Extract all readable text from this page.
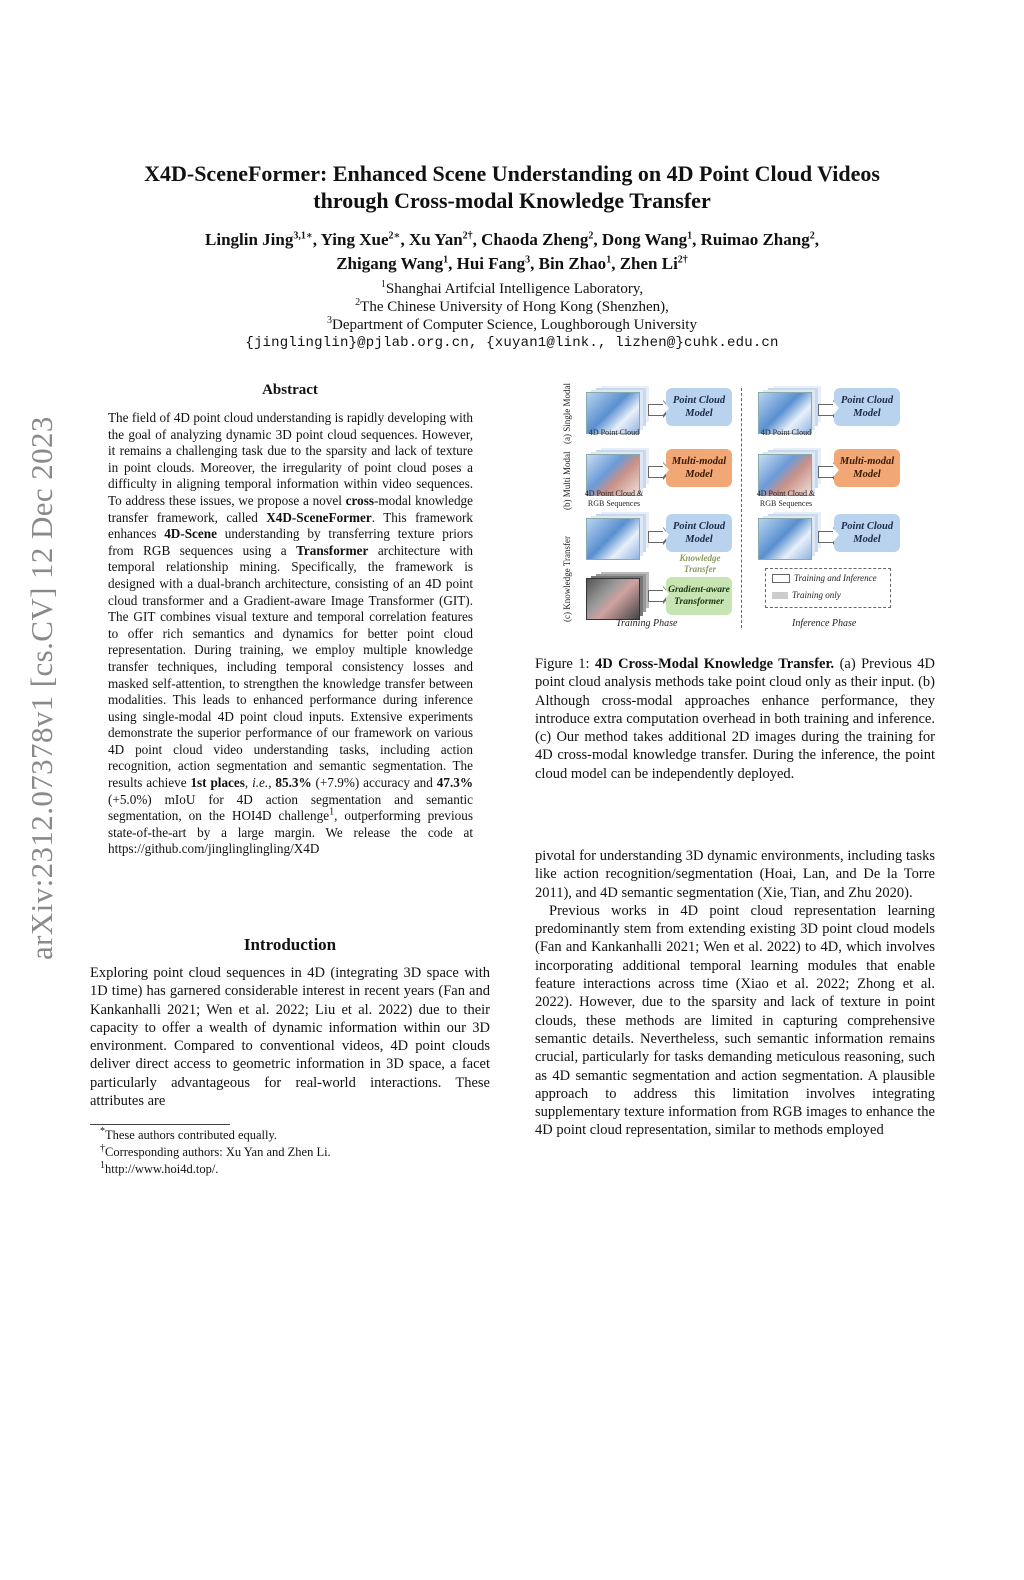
arXiv:2312.07378v1 [cs.CV] 12 Dec 2023
X4D-SceneFormer: Enhanced Scene Understanding on 4D Point Cloud Videos
through Cross-modal Knowledge Transfer
Linglin Jing$^{3,1∗}$, Ying Xue$^{2∗}$, Xu Yan$^{2\dagger}$, Chaoda Zheng$^2$, Dong Wang$^1$, Ruimao Zhang$^2$,
Zhigang Wang$^1$, Hui Fang$^3$, Bin Zhao$^1$, Zhen $Li^{2\dagger}$
$^1$Shanghai Artifcial Intelligence Laboratory,
$^2$The Chinese University of Hong Kong (Shenzhen),
$^3$Department of Computer Science, Loughborough University
{jinglinglin}@pjlab.org.cn, {xuyan1@link., lizhen@}cuhk.edu.cn
Abstract

The field of 4D point cloud understanding is rapidly developing with the goal of analyzing dynamic 3D point cloud sequences. However, it remains a challenging task due to the sparsity and lack of texture in point clouds. Moreover, the irregularity of point cloud poses a difficulty in aligning temporal information within video sequences. To address these issues, we propose a novel cross-modal knowledge transfer framework, called X4D-SceneFormer. This framework enhances 4D-Scene understanding by transferring texture priors from RGB sequences using a Transformer architecture with temporal relationship mining. Specifically, the framework is designed with a dual-branch architecture, consisting of an 4D point cloud transformer and a Gradient-aware Image Transformer (GIT). The GIT combines visual texture and temporal correlation features to offer rich semantics and dynamics for better point cloud representation. During training, we employ multiple knowledge transfer techniques, including temporal consistency losses and masked self-attention, to strengthen the knowledge transfer between modalities. This leads to enhanced performance during inference using single-modal 4D point cloud inputs. Extensive experiments demonstrate the superior performance of our framework on various 4D point cloud video understanding tasks, including action recognition, action segmentation and semantic segmentation. The results achieve 1st places, i.e., 85.3% (+7.9%) accuracy and 47.3% (+5.0%) mIoU for 4D action segmentation and semantic segmentation, on the HOI4D challenge$^1$, outperforming previous state-of-the-art by a large margin. We release the code at https://github.com/jinglinglingling/X4D

Introduction

Exploring point cloud sequences in 4D (integrating 3D space with 1D time) has garnered considerable interest in recent years (Fan and Kankanhalli 2021; Wen et al. 2022; Liu et al. 2022) due to their capacity to offer a wealth of dynamic information within our 3D environment. Compared to conventional videos, 4D point clouds deliver direct access to geometric information in 3D space, a facet particularly advantageous for real-world interactions. These attributes are

*These authors contributed equally.
†Corresponding authors: Xu Yan and Zhen Li.
$^1$http://www.hoi4d.top/.
(a) Single Modal
(b) Multi Modal
(c) Knowledge Transfer
4D Point Cloud
Point Cloud Model
4D Point Cloud &
RGB Sequences
Multi-modal Model
Point Cloud Model
Knowledge Transfer
Gradient-aware Transformer
Training Phase
4D Point Cloud
Point Cloud Model
4D Point Cloud &
RGB Sequences
Multi-modal Model
Point Cloud Model
Training and Inference
Training only
Inference Phase
Figure 1: 4D Cross-Modal Knowledge Transfer. (a) Previous 4D point cloud analysis methods take point cloud only as their input. (b) Although cross-modal approaches enhance performance, they introduce extra computation overhead in both training and inference. (c) Our method takes additional 2D images during the training for 4D cross-modal knowledge transfer. During the inference, the point cloud model can be independently deployed.

pivotal for understanding 3D dynamic environments, including tasks like action recognition/segmentation (Hoai, Lan, and De la Torre 2011), and 4D semantic segmentation (Xie, Tian, and Zhu 2020).

Previous works in 4D point cloud representation learning predominantly stem from extending existing 3D point cloud models (Fan and Kankanhalli 2021; Wen et al. 2022) to 4D, which involves incorporating additional temporal learning modules that enable feature interactions across time (Xiao et al. 2022; Zhong et al. 2022). However, due to the sparsity and lack of texture in point clouds, these methods are limited in capturing comprehensive semantic details. Nevertheless, such semantic information remains crucial, particularly for tasks demanding meticulous reasoning, such as 4D semantic segmentation and action segmentation. A plausible approach to address this limitation involves integrating supplementary texture information from RGB images to enhance the 4D point cloud representation, similar to methods employed
